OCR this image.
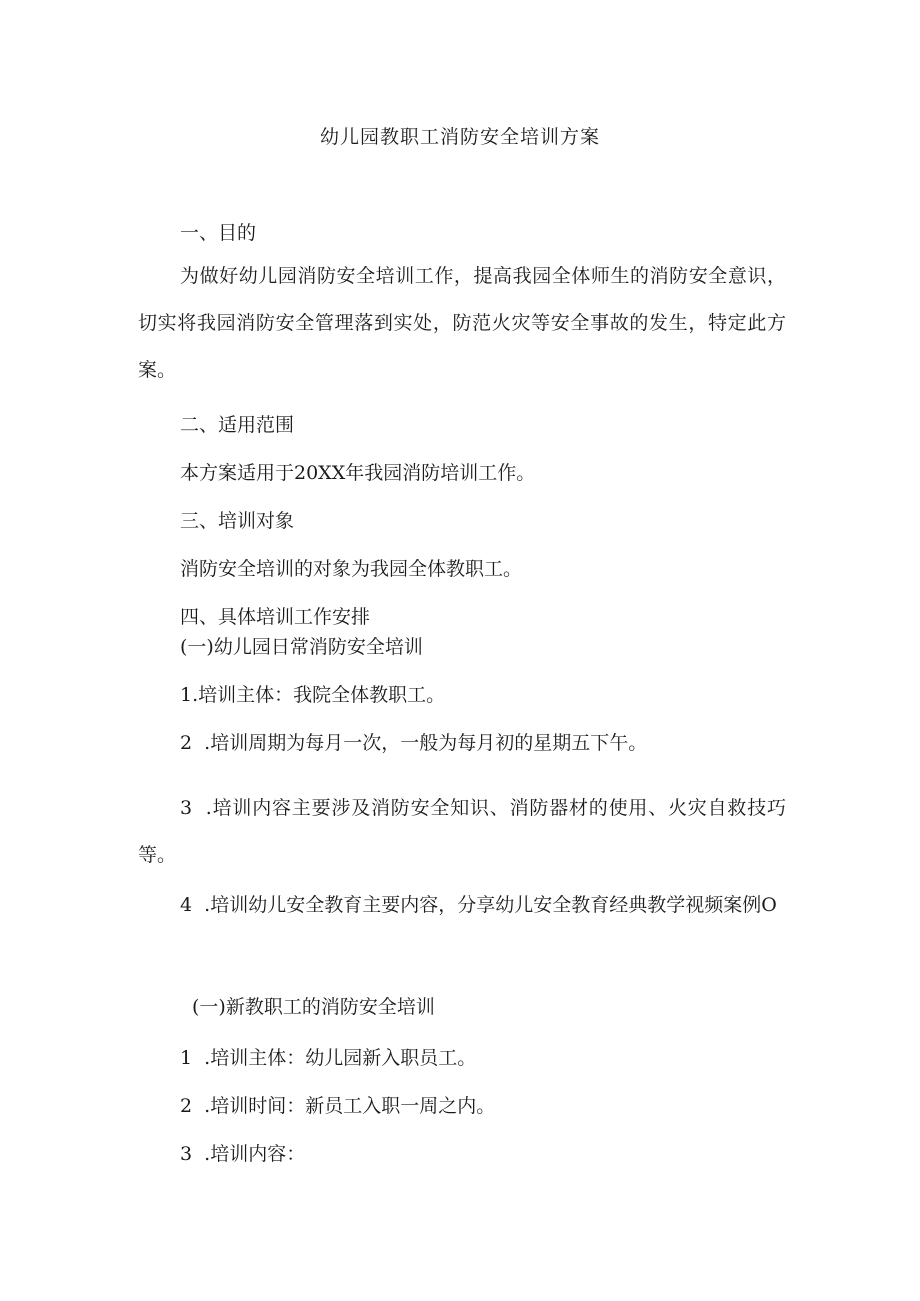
幼儿园教职工消防安全培训方案
一、目的
为做好幼儿园消防安全培训工作，提高我园全体师生的消防安全意识，切实将我园消防安全管理落到实处，防范火灾等安全事故的发生，特定此方案。
二、适用范围
本方案适用于20XX年我园消防培训工作。
三、培训对象
消防安全培训的对象为我园全体教职工。
四、具体培训工作安排
(一)幼儿园日常消防安全培训
1.培训主体：我院全体教职工。
2  .培训周期为每月一次，一般为每月初的星期五下午。
3  .培训内容主要涉及消防安全知识、消防器材的使用、火灾自救技巧等。
4  .培训幼儿安全教育主要内容，分享幼儿安全教育经典教学视频案例O
(一)新教职工的消防安全培训
1  .培训主体：幼儿园新入职员工。
2  .培训时间：新员工入职一周之内。
3  .培训内容：
